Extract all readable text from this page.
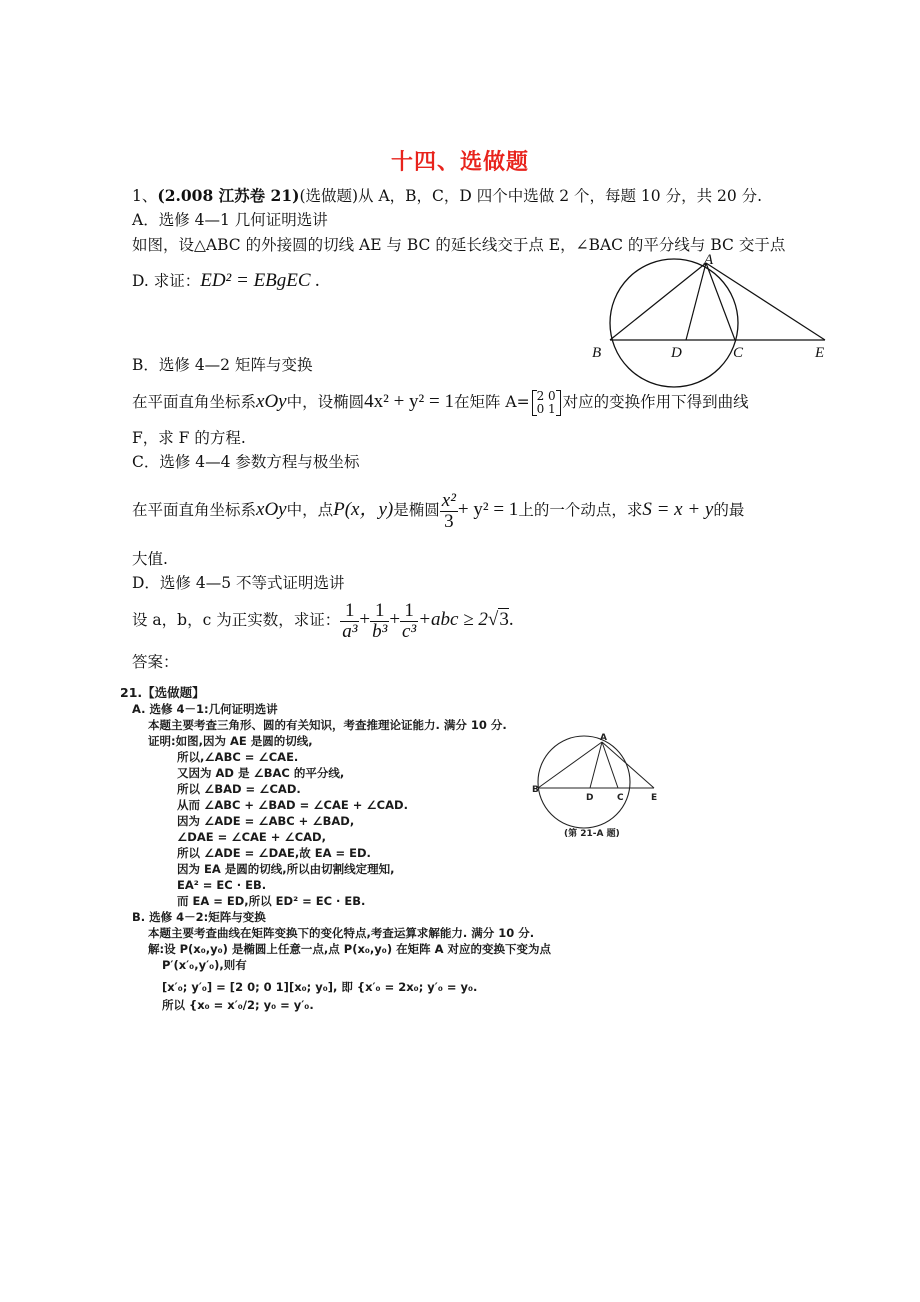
十四、选做题
1、(2.008 江苏卷 21)(选做题)从 A，B，C，D 四个中选做 2 个，每题 10 分，共 20 分.
A．选修 4—1 几何证明选讲
如图，设△ABC 的外接圆的切线 AE 与 BC 的延长线交于点 E，∠BAC 的平分线与 BC 交于点
D. 求证：ED² = EBgEC .
A
B	D	C	E
B．选修 4—2 矩阵与变换
在平面直角坐标系xOy中，设椭圆4x² + y² = 1在矩阵 A= 2 0
0 1 对应的变换作用下得到曲线
F，求 F 的方程.
C．选修 4—4 参数方程与极坐标
在平面直角坐标系xOy中，点P(x，y)是椭圆 $\frac{\text{x²}}{3} + y^2 = 1$上的一个动点，求S = x + y的最
大值.
D．选修 4—5 不等式证明选讲
设 a，b，c 为正实数，求证： $\frac{1}{\text{a³}} + \frac{1}{\text{b³}} + \frac{1}{\text{c³}} +abc \ge 2√3$.
答案：
21.【选做题】
A. 选修 4－1:几何证明选讲
本题主要考查三角形、圆的有关知识，考查推理论证能力. 满分 10 分.
证明:如图,因为 AE 是圆的切线,
所以,∠ABC = ∠CAE.
又因为 AD 是 ∠BAC 的平分线,
所以 ∠BAD = ∠CAD.
从而 ∠ABC + ∠BAD = ∠CAE + ∠CAD.
因为 ∠ADE = ∠ABC + ∠BAD,
∠DAE = ∠CAE + ∠CAD,
所以 ∠ADE = ∠DAE,故 EA = ED.
因为 EA 是圆的切线,所以由切割线定理知,
EA² = EC · EB.
而 EA = ED,所以 ED² = EC · EB.
A
B
D	C	E
(第 21-A 题)
B. 选修 4－2:矩阵与变换
本题主要考查曲线在矩阵变换下的变化特点,考查运算求解能力. 满分 10 分.
解:设 P(x₀,y₀) 是椭圆上任意一点,点 P(x₀,y₀) 在矩阵 A 对应的变换下变为点
P′(x′₀,y′₀),则有
[x′₀; y′₀] = [2 0; 0 1][x₀; y₀], 即 {x′₀ = 2x₀; y′₀ = y₀.
所以 {x₀ = x′₀/2; y₀ = y′₀.
